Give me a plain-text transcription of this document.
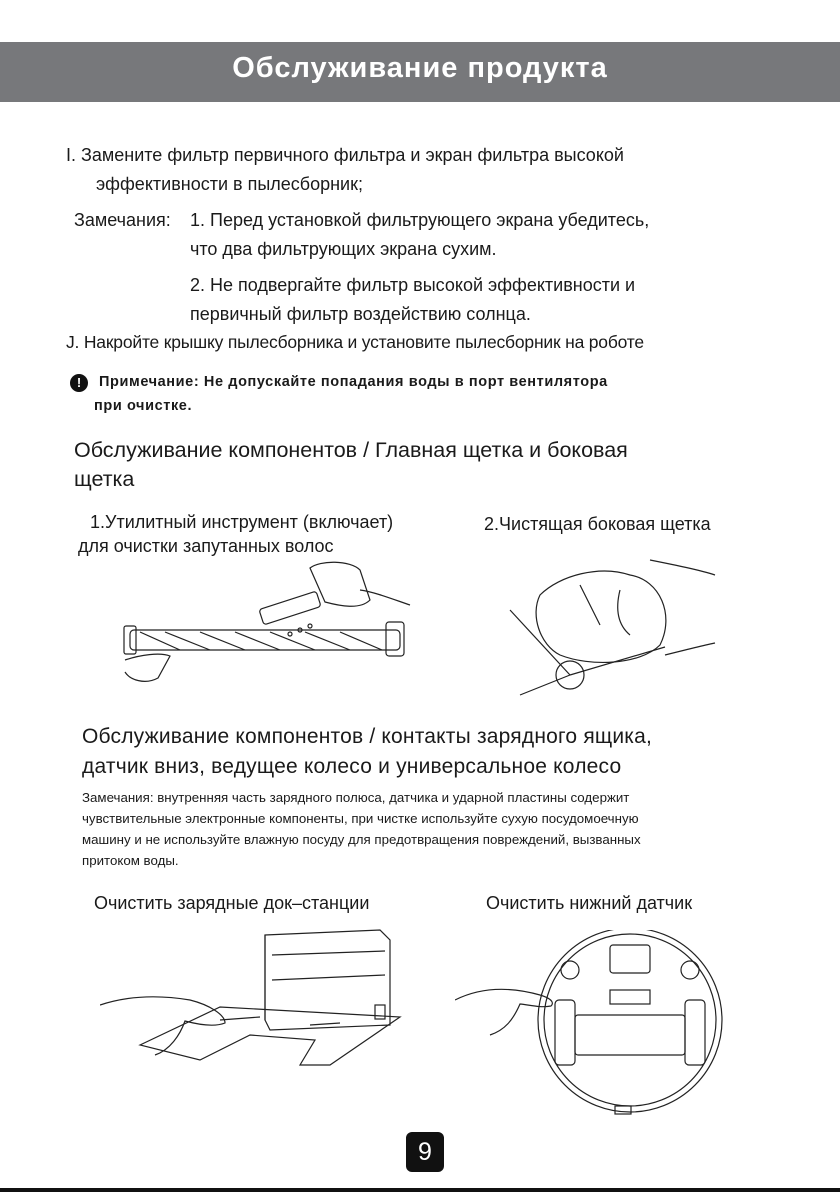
Обслуживание продукта
I. Замените фильтр первичного фильтра и экран фильтра высокой
эффективности в пылесборник;
Замечания: 1. Перед установкой фильтрующего экрана убедитесь,
что два фильтрующих экрана сухим.
2. Не подвергайте фильтр высокой эффективности и
первичный фильтр воздействию солнца.
J. Накройте крышку пылесборника и установите пылесборник на роботе
!	Примечание: Не допускайте попадания воды в порт вентилятора
при очистке.
Обслуживание компонентов / Главная щетка и боковая
щетка
1.Утилитный инструмент (включает)
для очистки запутанных волос
2.Чистящая боковая щетка
Обслуживание компонентов / контакты зарядного ящика,
датчик вниз, ведущее колесо и универсальное колесо
Замечания: внутренняя часть зарядного полюса, датчика и ударной пластины содержит
чувствительные электронные компоненты, при чистке используйте сухую посудомоечную
машину и не используйте влажную посуду для предотвращения повреждений, вызванных
притоком воды.
Очистить зарядные док–станции	Очистить нижний датчик
9
